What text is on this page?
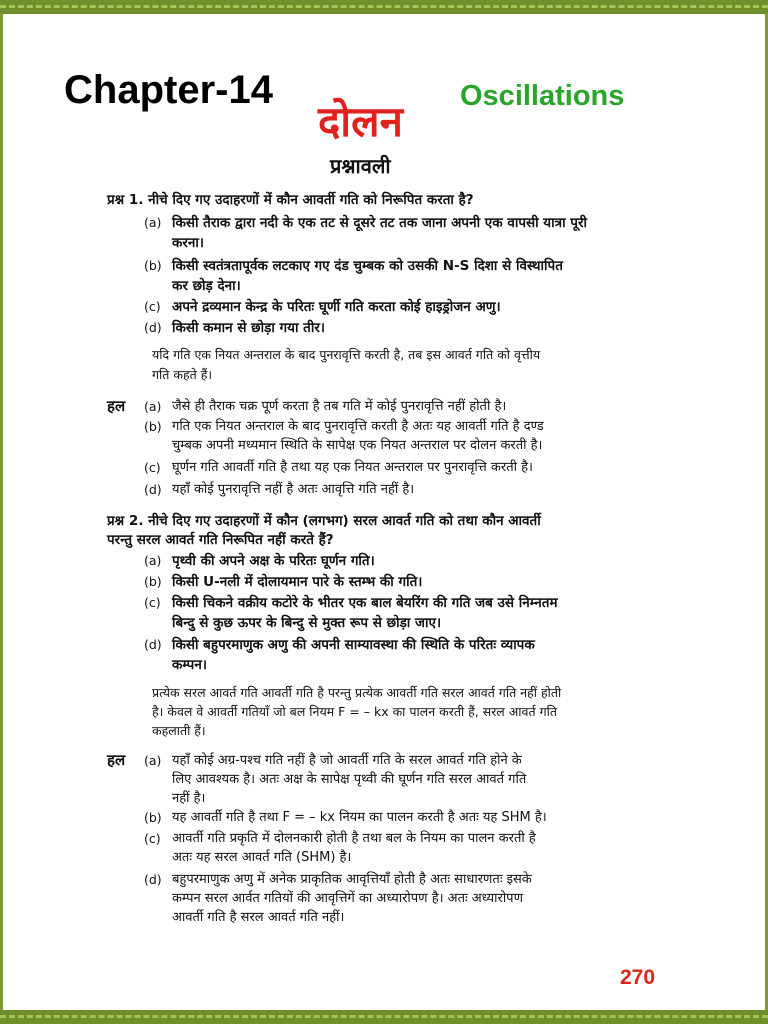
Chapter-14
दोलन
Oscillations
प्रश्नावली
प्रश्न 1. नीचे दिए गए उदाहरणों में कौन आवर्ती गति को निरूपित करता है?
(a) किसी तैराक द्वारा नदी के एक तट से दूसरे तट तक जाना अपनी एक वापसी यात्रा पूरी
करना।
(b) किसी स्वतंत्रतापूर्वक लटकाए गए दंड चुम्बक को उसकी N-S दिशा से विस्थापित
कर छोड़ देना।
(c) अपने द्रव्यमान केन्द्र के परितः घूर्णी गति करता कोई हाइड्रोजन अणु।
(d) किसी कमान से छोड़ा गया तीर।
यदि गति एक नियत अन्तराल के बाद पुनरावृत्ति करती है, तब इस आवर्त गति को वृत्तीय
गति कहते हैं।
हल (a) जैसे ही तैराक चक्र पूर्ण करता है तब गति में कोई पुनरावृत्ति नहीं होती है।
(b) गति एक नियत अन्तराल के बाद पुनरावृत्ति करती है अतः यह आवर्ती गति है दण्ड
चुम्बक अपनी मध्यमान स्थिति के सापेक्ष एक नियत अन्तराल पर दोलन करती है।
(c) घूर्णन गति आवर्ती गति है तथा यह एक नियत अन्तराल पर पुनरावृत्ति करती है।
(d) यहाँ कोई पुनरावृत्ति नहीं है अतः आवृत्ति गति नहीं है।
प्रश्न 2. नीचे दिए गए उदाहरणों में कौन (लगभग) सरल आवर्त गति को तथा कौन आवर्ती
परन्तु सरल आवर्त गति निरूपित नहीं करते हैं?
(a) पृथ्वी की अपने अक्ष के परितः घूर्णन गति।
(b) किसी U-नली में दोलायमान पारे के स्तम्भ की गति।
(c) किसी चिकने वक्रीय कटोरे के भीतर एक बाल बेयरिंग की गति जब उसे निम्नतम
बिन्दु से कुछ ऊपर के बिन्दु से मुक्त रूप से छोड़ा जाए।
(d) किसी बहुपरमाणुक अणु की अपनी साम्यावस्था की स्थिति के परितः व्यापक
कम्पन।
प्रत्येक सरल आवर्त गति आवर्ती गति है परन्तु प्रत्येक आवर्ती गति सरल आवर्त गति नहीं होती
है। केवल वे आवर्ती गतियाँ जो बल नियम F = – kx का पालन करती हैं, सरल आवर्त गति
कहलाती हैं।
हल (a) यहाँ कोई अग्र-पश्च गति नहीं है जो आवर्ती गति के सरल आवर्त गति होने के
लिए आवश्यक है। अतः अक्ष के सापेक्ष पृथ्वी की घूर्णन गति सरल आवर्त गति
नहीं है।
(b) यह आवर्ती गति है तथा F = – kx नियम का पालन करती है अतः यह SHM है।
(c) आवर्ती गति प्रकृति में दोलनकारी होती है तथा बल के नियम का पालन करती है
अतः यह सरल आवर्त गति (SHM) है।
(d) बहुपरमाणुक अणु में अनेक प्राकृतिक आवृत्तियाँ होती है अतः साधारणतः इसके
कम्पन सरल आर्वत गतियों की आवृत्तिगें का अध्यारोपण है। अतः अध्यारोपण
आवर्ती गति है सरल आवर्त गति नहीं।
270
